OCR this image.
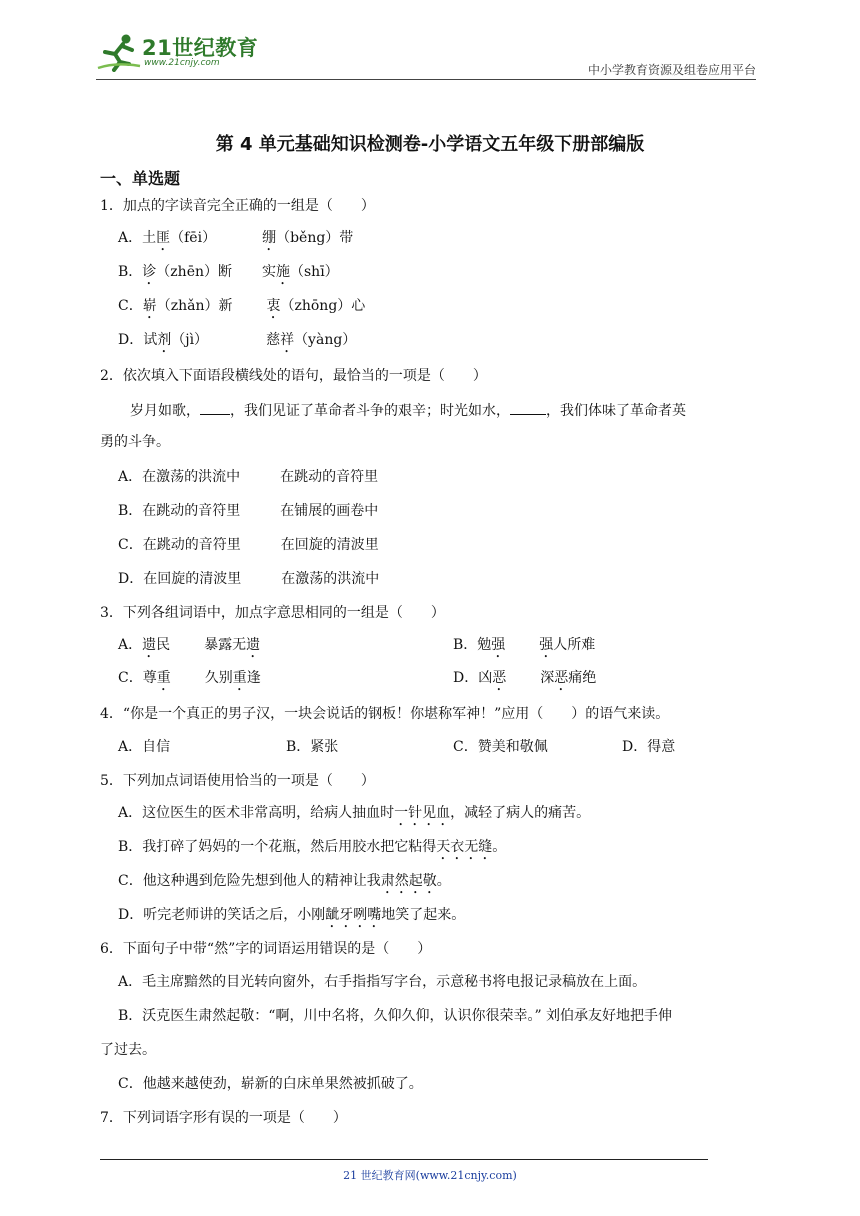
21世纪教育
www.21cnjy.com	中小学教育资源及组卷应用平台
第 4 单元基础知识检测卷-小学语文五年级下册部编版
一、单选题
1．加点的字读音完全正确的一组是（　　）
A．土匪（fēi）	绷（běng）带
B．诊（zhēn）断 实施（shī）
C．崭（zhǎn）新 衷（zhōng）心
D．试剂（jì）	慈祥（yàng）
2．依次填入下面语段横线处的语句，最恰当的一项是（　　）
岁月如歌， ，我们见证了革命者斗争的艰辛；时光如水，	，我们体味了革命者英
勇的斗争。
A．在激荡的洪流中	在跳动的音符里
B．在跳动的音符里	在铺展的画卷中
C．在跳动的音符里	在回旋的清波里
D．在回旋的清波里	在激荡的洪流中
3．下列各组词语中，加点字意思相同的一组是（　　）
A．遗民 暴露无遗	B．勉强 强人所难
C．尊重 久别重逢	D．凶恶 深恶痛绝
4．“你是一个真正的男子汉，一块会说话的钢板！你堪称军神！”应用（　　）的语气来读。
A．自信	B．紧张	C．赞美和敬佩	D．得意
5．下列加点词语使用恰当的一项是（　　）
A．这位医生的医术非常高明，给病人抽血时一针见血，减轻了病人的痛苦。
B．我打碎了妈妈的一个花瓶，然后用胶水把它粘得天衣无缝。
C．他这种遇到危险先想到他人的精神让我肃然起敬。
D．听完老师讲的笑话之后，小刚龇牙咧嘴地笑了起来。
6．下面句子中带“然”字的词语运用错误的是（　　）
A．毛主席黯然的目光转向窗外，右手指指写字台，示意秘书将电报记录稿放在上面。
B．沃克医生肃然起敬：“啊，川中名将，久仰久仰，认识你很荣幸。” 刘伯承友好地把手伸
了过去。
C．他越来越使劲，崭新的白床单果然被抓破了。
7．下列词语字形有误的一项是（　　）
21 世纪教育网(www.21cnjy.com)
